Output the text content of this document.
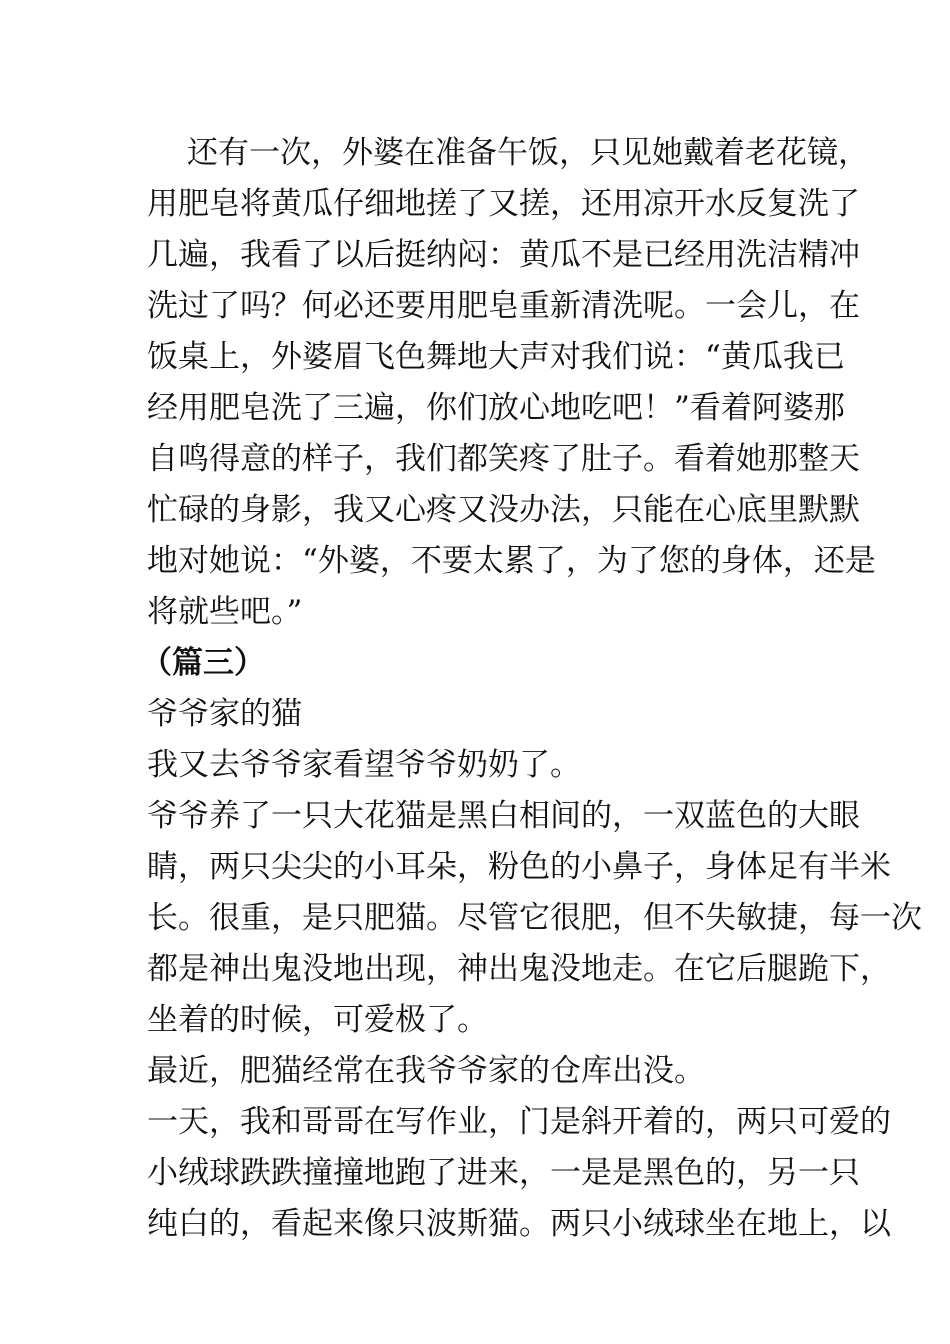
还有一次，外婆在准备午饭，只见她戴着老花镜，
用肥皂将黄瓜仔细地搓了又搓，还用凉开水反复洗了
几遍，我看了以后挺纳闷：黄瓜不是已经用洗洁精冲
洗过了吗？何必还要用肥皂重新清洗呢。一会儿，在
饭桌上，外婆眉飞色舞地大声对我们说：“黄瓜我已
经用肥皂洗了三遍，你们放心地吃吧！”看着阿婆那
自鸣得意的样子，我们都笑疼了肚子。看着她那整天
忙碌的身影，我又心疼又没办法，只能在心底里默默
地对她说：“外婆，不要太累了，为了您的身体，还是
将就些吧。”
（篇三）
爷爷家的猫
我又去爷爷家看望爷爷奶奶了。
爷爷养了一只大花猫是黑白相间的，一双蓝色的大眼
睛，两只尖尖的小耳朵，粉色的小鼻子，身体足有半米
长。很重，是只肥猫。尽管它很肥，但不失敏捷，每一次
都是神出鬼没地出现，神出鬼没地走。在它后腿跪下，
坐着的时候，可爱极了。
最近，肥猫经常在我爷爷家的仓库出没。
一天，我和哥哥在写作业，门是斜开着的，两只可爱的
小绒球跌跌撞撞地跑了进来，一是是黑色的，另一只
纯白的，看起来像只波斯猫。两只小绒球坐在地上，以
